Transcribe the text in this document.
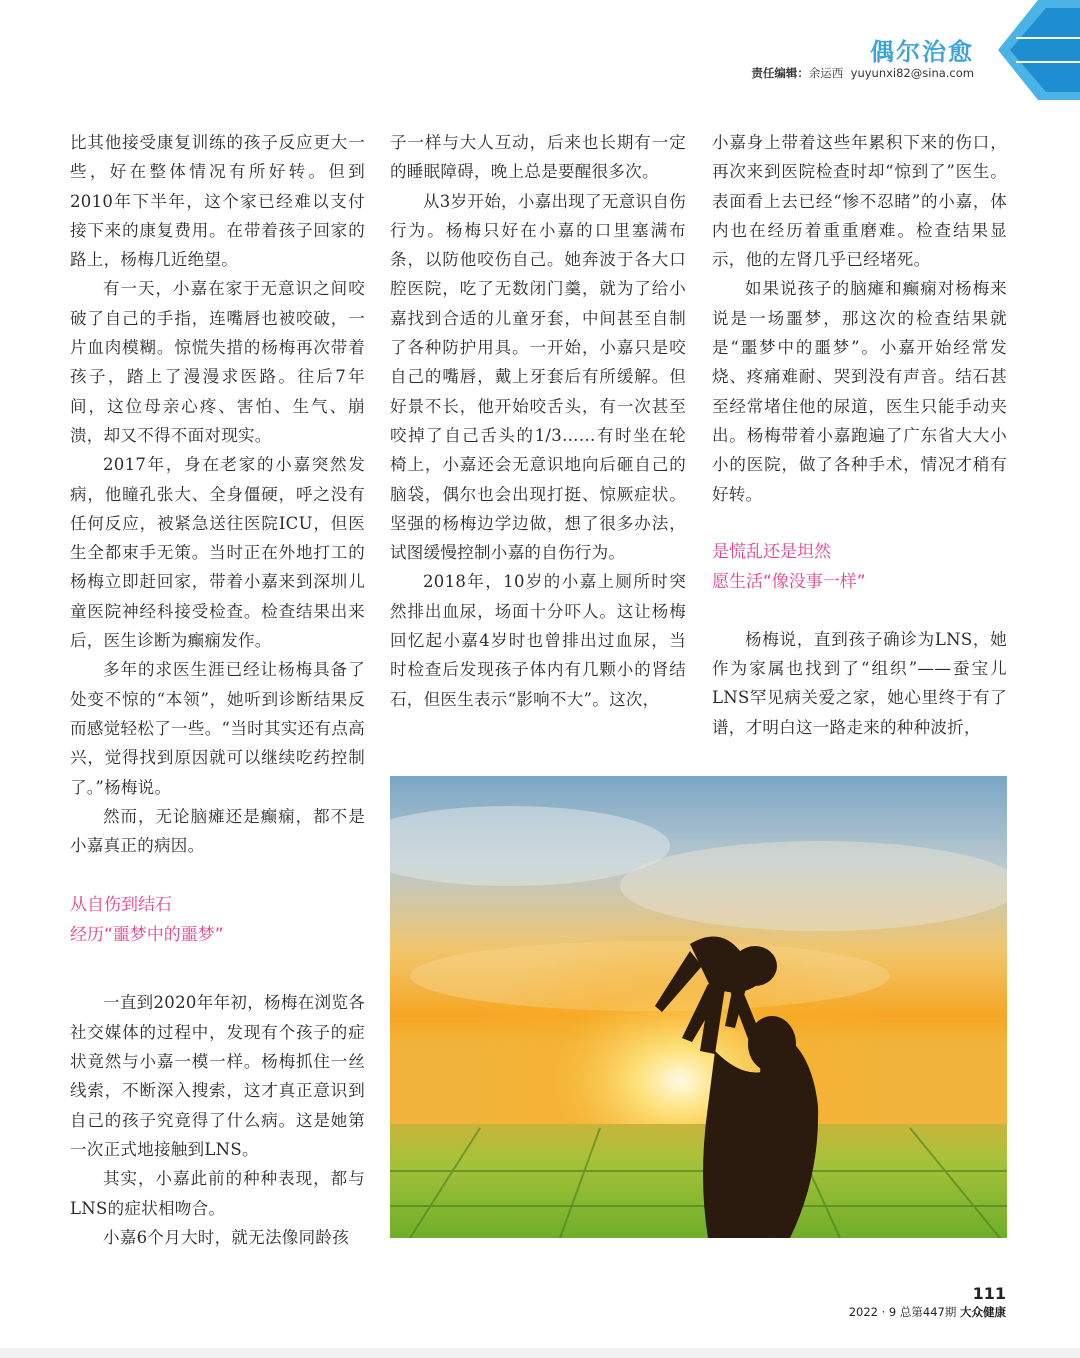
偶尔治愈
责任编辑：余运西 yuyunxi82@sina.com

比其他接受康复训练的孩子反应更大一些，好在整体情况有所好转。但到2010年下半年，这个家已经难以支付接下来的康复费用。在带着孩子回家的路上，杨梅几近绝望。

有一天，小嘉在家于无意识之间咬破了自己的手指，连嘴唇也被咬破，一片血肉模糊。惊慌失措的杨梅再次带着孩子，踏上了漫漫求医路。往后7年间，这位母亲心疼、害怕、生气、崩溃，却又不得不面对现实。

2017年，身在老家的小嘉突然发病，他瞳孔张大、全身僵硬，呼之没有任何反应，被紧急送往医院ICU，但医生全都束手无策。当时正在外地打工的杨梅立即赶回家，带着小嘉来到深圳儿童医院神经科接受检查。检查结果出来后，医生诊断为癫痫发作。

多年的求医生涯已经让杨梅具备了处变不惊的“本领”，她听到诊断结果反而感觉轻松了一些。“当时其实还有点高兴，觉得找到原因就可以继续吃药控制了。”杨梅说。

然而，无论脑瘫还是癫痫，都不是小嘉真正的病因。

从自伤到结石
经历“噩梦中的噩梦”

一直到2020年年初，杨梅在浏览各社交媒体的过程中，发现有个孩子的症状竟然与小嘉一模一样。杨梅抓住一丝线索，不断深入搜索，这才真正意识到自己的孩子究竟得了什么病。这是她第一次正式地接触到LNS。

其实，小嘉此前的种种表现，都与LNS的症状相吻合。

小嘉6个月大时，就无法像同龄孩

子一样与大人互动，后来也长期有一定的睡眠障碍，晚上总是要醒很多次。

从3岁开始，小嘉出现了无意识自伤行为。杨梅只好在小嘉的口里塞满布条，以防他咬伤自己。她奔波于各大口腔医院，吃了无数闭门羹，就为了给小嘉找到合适的儿童牙套，中间甚至自制了各种防护用具。一开始，小嘉只是咬自己的嘴唇，戴上牙套后有所缓解。但好景不长，他开始咬舌头，有一次甚至咬掉了自己舌头的1/3……有时坐在轮椅上，小嘉还会无意识地向后砸自己的脑袋，偶尔也会出现打挺、惊厥症状。坚强的杨梅边学边做，想了很多办法，试图缓慢控制小嘉的自伤行为。

2018年，10岁的小嘉上厕所时突然排出血尿，场面十分吓人。这让杨梅回忆起小嘉4岁时也曾排出过血尿，当时检查后发现孩子体内有几颗小的肾结石，但医生表示“影响不大”。这次，

小嘉身上带着这些年累积下来的伤口，再次来到医院检查时却“惊到了”医生。表面看上去已经“惨不忍睹”的小嘉，体内也在经历着重重磨难。检查结果显示，他的左肾几乎已经堵死。

如果说孩子的脑瘫和癫痫对杨梅来说是一场噩梦，那这次的检查结果就是“噩梦中的噩梦”。小嘉开始经常发烧、疼痛难耐、哭到没有声音。结石甚至经常堵住他的尿道，医生只能手动夹出。杨梅带着小嘉跑遍了广东省大大小小的医院，做了各种手术，情况才稍有好转。

是慌乱还是坦然
愿生活“像没事一样”

杨梅说，直到孩子确诊为LNS，她作为家属也找到了“组织”——蚕宝儿LNS罕见病关爱之家，她心里终于有了谱，才明白这一路走来的种种波折，

111
2022 · 9 总第447期 大众健康
